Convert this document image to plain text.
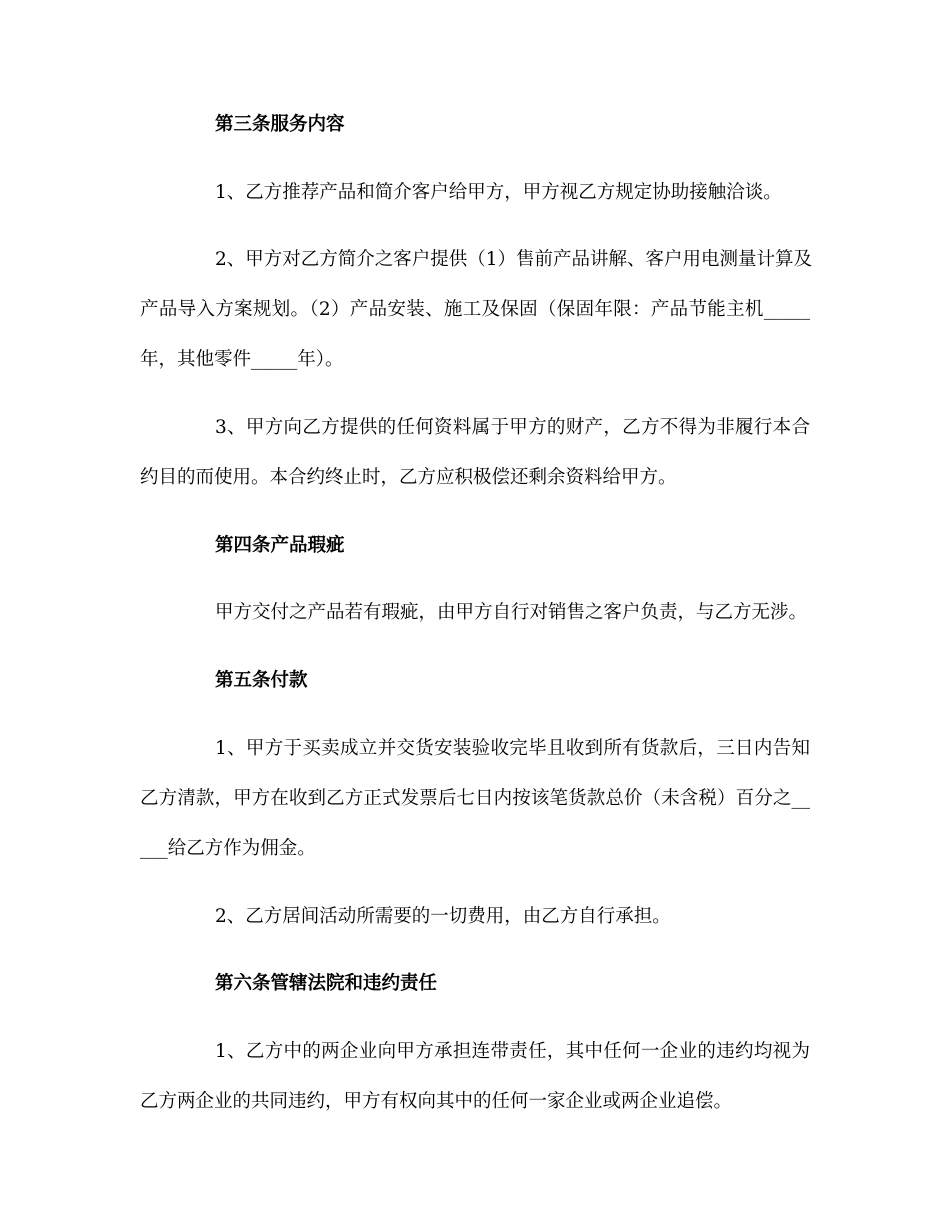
第三条服务内容
1、乙方推荐产品和简介客户给甲方，甲方视乙方规定协助接触洽谈。
2、甲方对乙方简介之客户提供（1）售前产品讲解、客户用电测量计算及
产品导入方案规划。（2）产品安装、施工及保固（保固年限：产品节能主机_____
年，其他零件_____年）。
3、甲方向乙方提供的任何资料属于甲方的财产，乙方不得为非履行本合
约目的而使用。本合约终止时，乙方应积极偿还剩余资料给甲方。
第四条产品瑕疵
甲方交付之产品若有瑕疵，由甲方自行对销售之客户负责，与乙方无涉。
第五条付款
1、甲方于买卖成立并交货安装验收完毕且收到所有货款后，三日内告知
乙方清款，甲方在收到乙方正式发票后七日内按该笔货款总价（未含税）百分之__
___给乙方作为佣金。
2、乙方居间活动所需要的一切费用，由乙方自行承担。
第六条管辖法院和违约责任
1、乙方中的两企业向甲方承担连带责任，其中任何一企业的违约均视为
乙方两企业的共同违约，甲方有权向其中的任何一家企业或两企业追偿。
